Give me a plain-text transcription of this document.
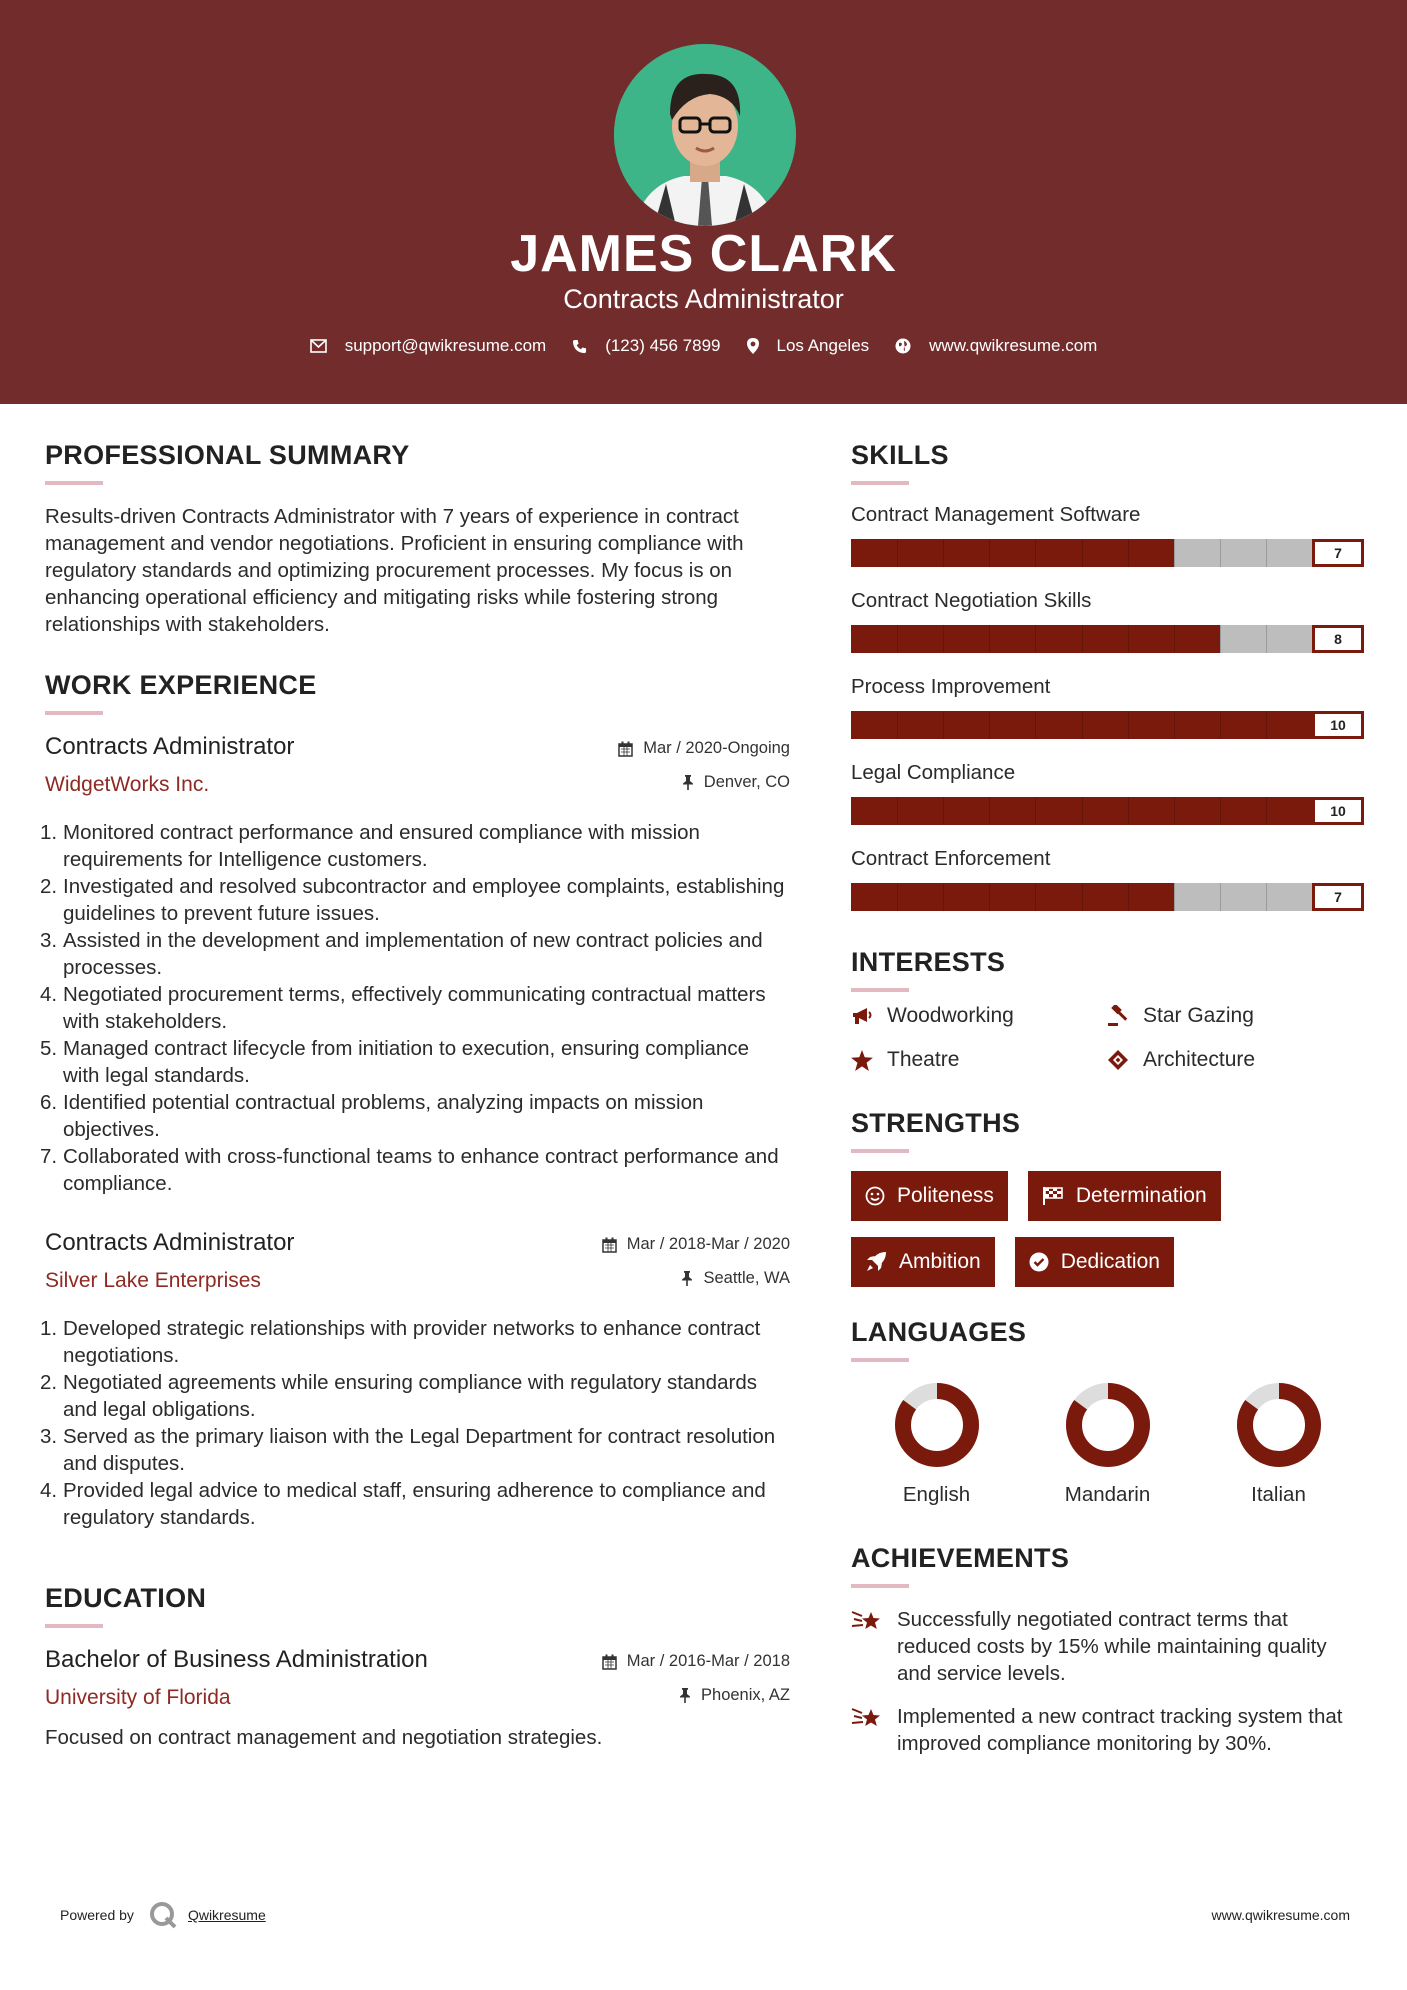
JAMES CLARK
Contracts Administrator
support@qwikresume.com	(123) 456 7899	Los Angeles	www.qwikresume.com
PROFESSIONAL SUMMARY
Results-driven Contracts Administrator with 7 years of experience in contract management and vendor negotiations. Proficient in ensuring compliance with regulatory standards and optimizing procurement processes. My focus is on enhancing operational efficiency and mitigating risks while fostering strong relationships with stakeholders.
WORK EXPERIENCE
Mar / 2020-Ongoing
Denver, CO
Contracts Administrator
WidgetWorks Inc.
1. Monitored contract performance and ensured compliance with mission requirements for Intelligence customers.
2. Investigated and resolved subcontractor and employee complaints, establishing guidelines to prevent future issues.
3. Assisted in the development and implementation of new contract policies and processes.
4. Negotiated procurement terms, effectively communicating contractual matters with stakeholders.
5. Managed contract lifecycle from initiation to execution, ensuring compliance with legal standards.
6. Identified potential contractual problems, analyzing impacts on mission objectives.
7. Collaborated with cross-functional teams to enhance contract performance and compliance.
Mar / 2018-Mar / 2020
Seattle, WA
Contracts Administrator
Silver Lake Enterprises
1. Developed strategic relationships with provider networks to enhance contract negotiations.
2. Negotiated agreements while ensuring compliance with regulatory standards and legal obligations.
3. Served as the primary liaison with the Legal Department for contract resolution and disputes.
4. Provided legal advice to medical staff, ensuring adherence to compliance and regulatory standards.
EDUCATION
Mar / 2016-Mar / 2018
Phoenix, AZ
Bachelor of Business Administration
University of Florida
Focused on contract management and negotiation strategies.
SKILLS
Contract Management Software
7
Contract Negotiation Skills
8
Process Improvement
10
Legal Compliance
10
Contract Enforcement
7
INTERESTS
Woodworking	Star Gazing
Theatre	Architecture
STRENGTHS
Politeness	Determination
Ambition	Dedication
LANGUAGES
English	Mandarin	Italian
ACHIEVEMENTS
Successfully negotiated contract terms that reduced costs by 15% while maintaining quality and service levels.
Implemented a new contract tracking system that improved compliance monitoring by 30%.
Powered by	Qwikresume	www.qwikresume.com
